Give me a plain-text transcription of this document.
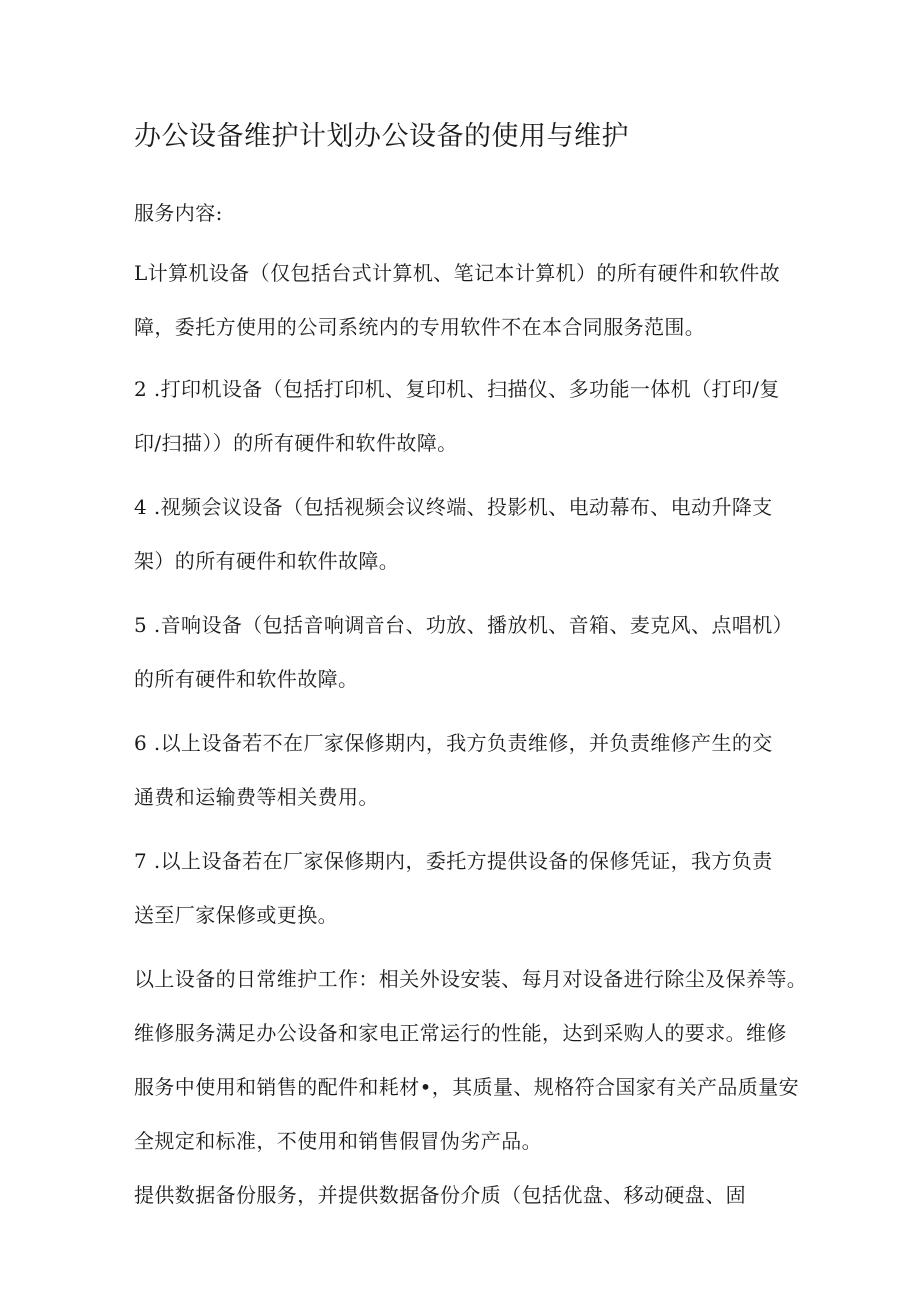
办公设备维护计划办公设备的使用与维护

服务内容:

L计算机设备（仅包括台式计算机、笔记本计算机）的所有硬件和软件故
障，委托方使用的公司系统内的专用软件不在本合同服务范围。

2 .打印机设备（包括打印机、复印机、扫描仪、多功能一体机（打印/复
印/扫描））的所有硬件和软件故障。

4 .视频会议设备（包括视频会议终端、投影机、电动幕布、电动升降支
架）的所有硬件和软件故障。

5 .音响设备（包括音响调音台、功放、播放机、音箱、麦克风、点唱机）
的所有硬件和软件故障。

6 .以上设备若不在厂家保修期内，我方负责维修，并负责维修产生的交
通费和运输费等相关费用。

7 .以上设备若在厂家保修期内，委托方提供设备的保修凭证，我方负责
送至厂家保修或更换。

以上设备的日常维护工作：相关外设安装、每月对设备进行除尘及保养等。
维修服务满足办公设备和家电正常运行的性能，达到采购人的要求。维修
服务中使用和销售的配件和耗材•，其质量、规格符合国家有关产品质量安
全规定和标准，不使用和销售假冒伪劣产品。
提供数据备份服务，并提供数据备份介质（包括优盘、移动硬盘、固
